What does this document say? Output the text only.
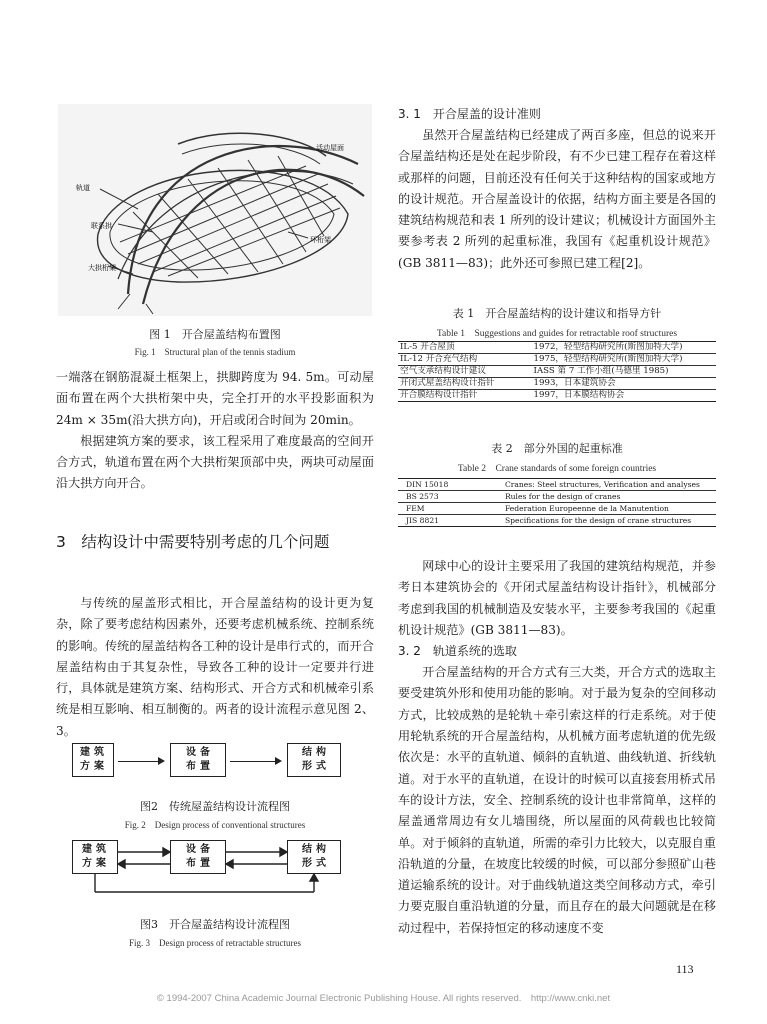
活动屋面
轨道
联系拱
环桁架
大拱桁架

图 1　开合屋盖结构布置图

Fig. 1　Structural plan of the tennis stadium

一端落在钢筋混凝土框架上，拱脚跨度为 94. 5m。可动屋面布置在两个大拱桁架中央，完全打开的水平投影面积为 24m × 35m(沿大拱方向)，开启或闭合时间为 20min。

根据建筑方案的要求，该工程采用了难度最高的空间开合方式，轨道布置在两个大拱桁架顶部中央，两块可动屋面沿大拱方向开合。

3　结构设计中需要特别考虑的几个问题

与传统的屋盖形式相比，开合屋盖结构的设计更为复杂，除了要考虑结构因素外，还要考虑机械系统、控制系统的影响。传统的屋盖结构各工种的设计是串行式的，而开合屋盖结构由于其复杂性，导致各工种的设计一定要并行进行，具体就是建筑方案、结构形式、开合方式和机械牵引系统是相互影响、相互制衡的。两者的设计流程示意见图 2、3。

建筑方案
设备布置
结构形式

图2　传统屋盖结构设计流程图

Fig. 2　Design process of conventional structures

建筑方案
设备布置
结构形式

图3　开合屋盖结构设计流程图

Fig. 3　Design process of retractable structures

3. 1　开合屋盖的设计准则

虽然开合屋盖结构已经建成了两百多座，但总的说来开合屋盖结构还是处在起步阶段，有不少已建工程存在着这样或那样的问题，目前还没有任何关于这种结构的国家或地方的设计规范。开合屋盖设计的依据，结构方面主要是各国的建筑结构规范和表 1 所列的设计建议；机械设计方面国外主要参考表 2 所列的起重标准，我国有《起重机设计规范》(GB 3811—83)；此外还可参照已建工程[2]。

表 1　开合屋盖结构的设计建议和指导方针

Table 1　Suggestions and guides for retractable roof structures

IL-5 开合屋顶	1972，轻型结构研究所(斯图加特大学)
IL-12 开合充气结构	1975，轻型结构研究所(斯图加特大学)
空气支承结构设计建议	IASS 第 7 工作小组(马德里 1985)
开闭式屋盖结构设计指针	1993，日本建筑协会
开合膜结构设计指针	1997，日本膜结构协会

表 2　部分外国的起重标准

Table 2　Crane standards of some foreign countries

DIN 15018	Cranes: Steel structures, Verification and analyses
BS 2573	Rules for the design of cranes
FEM	Federation Europeenne de la Manutention
JIS 8821	Specifications for the design of crane structures

网球中心的设计主要采用了我国的建筑结构规范，并参考日本建筑协会的《开闭式屋盖结构设计指针》，机械部分考虑到我国的机械制造及安装水平，主要参考我国的《起重机设计规范》(GB 3811—83)。

3. 2　轨道系统的选取

开合屋盖结构的开合方式有三大类，开合方式的选取主要受建筑外形和使用功能的影响。对于最为复杂的空间移动方式，比较成熟的是轮轨＋牵引索这样的行走系统。对于使用轮轨系统的开合屋盖结构，从机械方面考虑轨道的优先级依次是：水平的直轨道、倾斜的直轨道、曲线轨道、折线轨道。对于水平的直轨道，在设计的时候可以直接套用桥式吊车的设计方法，安全、控制系统的设计也非常简单，这样的屋盖通常周边有女儿墙围绕，所以屋面的风荷载也比较简单。对于倾斜的直轨道，所需的牵引力比较大，以克服自重沿轨道的分量，在坡度比较缓的时候，可以部分参照矿山巷道运输系统的设计。对于曲线轨道这类空间移动方式，牵引力要克服自重沿轨道的分量，而且存在的最大问题就是在移动过程中，若保持恒定的移动速度不变

113
© 1994-2007 China Academic Journal Electronic Publishing House. All rights reserved.　http://www.cnki.net
